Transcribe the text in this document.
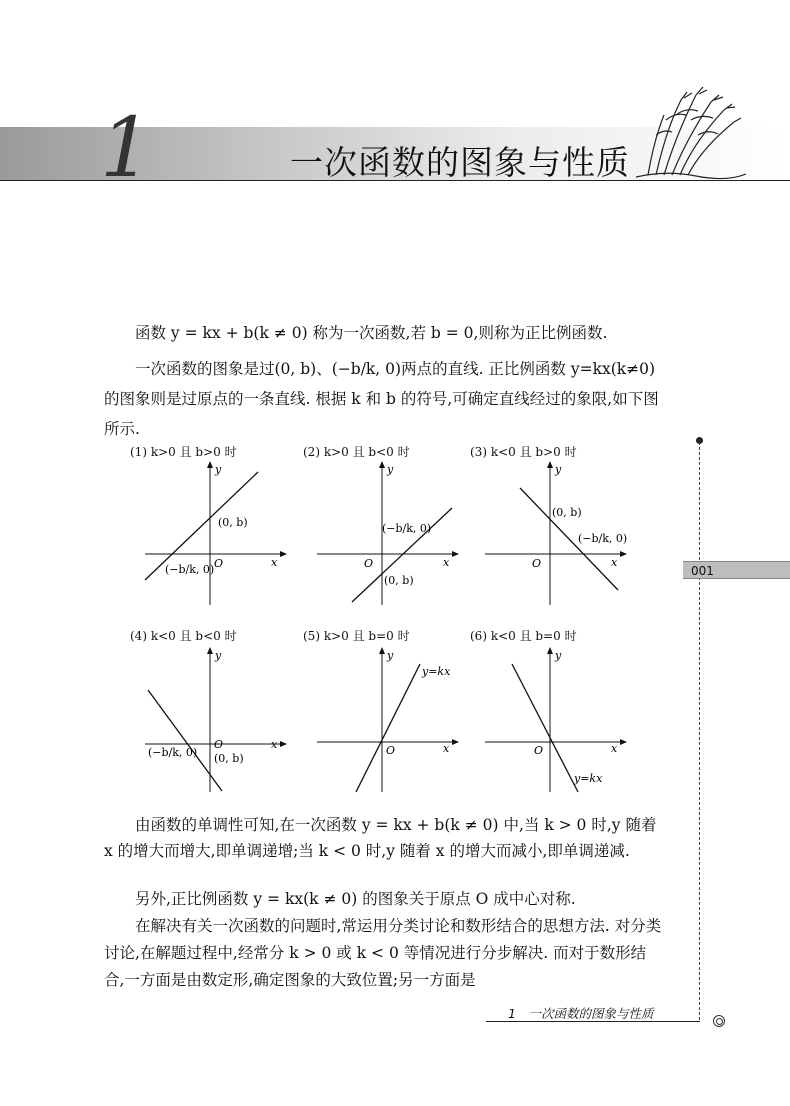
1	一次函数的图象与性质

函数 y = kx + b(k ≠ 0) 称为一次函数,若 b = 0,则称为正比例函数.

一次函数的图象是过(0, b)、(−b/k, 0)两点的直线. 正比例函数 y=kx(k≠0)的图象则是过原点的一条直线. 根据 k 和 b 的符号,可确定直线经过的象限,如下图所示.

(1) k>0 且 b>0 时	(2) k>0 且 b<0 时	(3) k<0 且 b>0 时
(4) k<0 且 b<0 时	(5) k>0 且 b=0 时	(6) k<0 且 b=0 时
x
y
O
(0, b)
(−b/k, 0)
x
y
O
(0, b)
(−b/k, 0)
x
y
O
(0, b)
(−b/k, 0)
x
y
O
(0, b)
(−b/k, 0)	x
y
O
y=kx
x
y
O
y=kx

由函数的单调性可知,在一次函数 y = kx + b(k ≠ 0) 中,当 k > 0 时,y 随着 x 的增大而增大,即单调递增;当 k < 0 时,y 随着 x 的增大而减小,即单调递减.

另外,正比例函数 y = kx(k ≠ 0) 的图象关于原点 O 成中心对称.

在解决有关一次函数的问题时,常运用分类讨论和数形结合的思想方法. 对分类讨论,在解题过程中,经常分 k > 0 或 k < 0 等情况进行分步解决. 而对于数形结合,一方面是由数定形,确定图象的大致位置;另一方面是

001
1　一次函数的图象与性质
